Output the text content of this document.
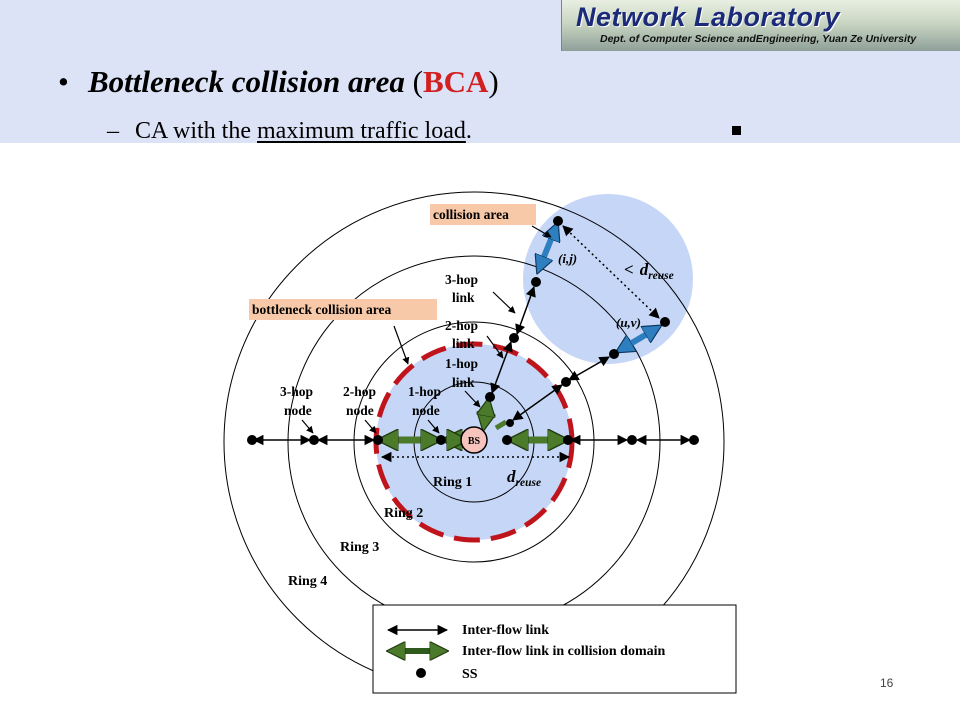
Network Laboratory
Dept. of Computer Science andEngineering, Yuan Ze University
• Bottleneck collision area (BCA)
– CA with the maximum traffic load.
BS
collision area
bottleneck collision area
3-hop
link
2-hop
link
1-hop
link
3-hop
node
2-hop
node
1-hop
node
Ring 1
Ring 2
Ring 3
Ring 4
$d_{reuse}$
< $d_{reuse}$
(i,j)
(u,v)
Inter-flow link
Inter-flow link in collision domain
SS
16
